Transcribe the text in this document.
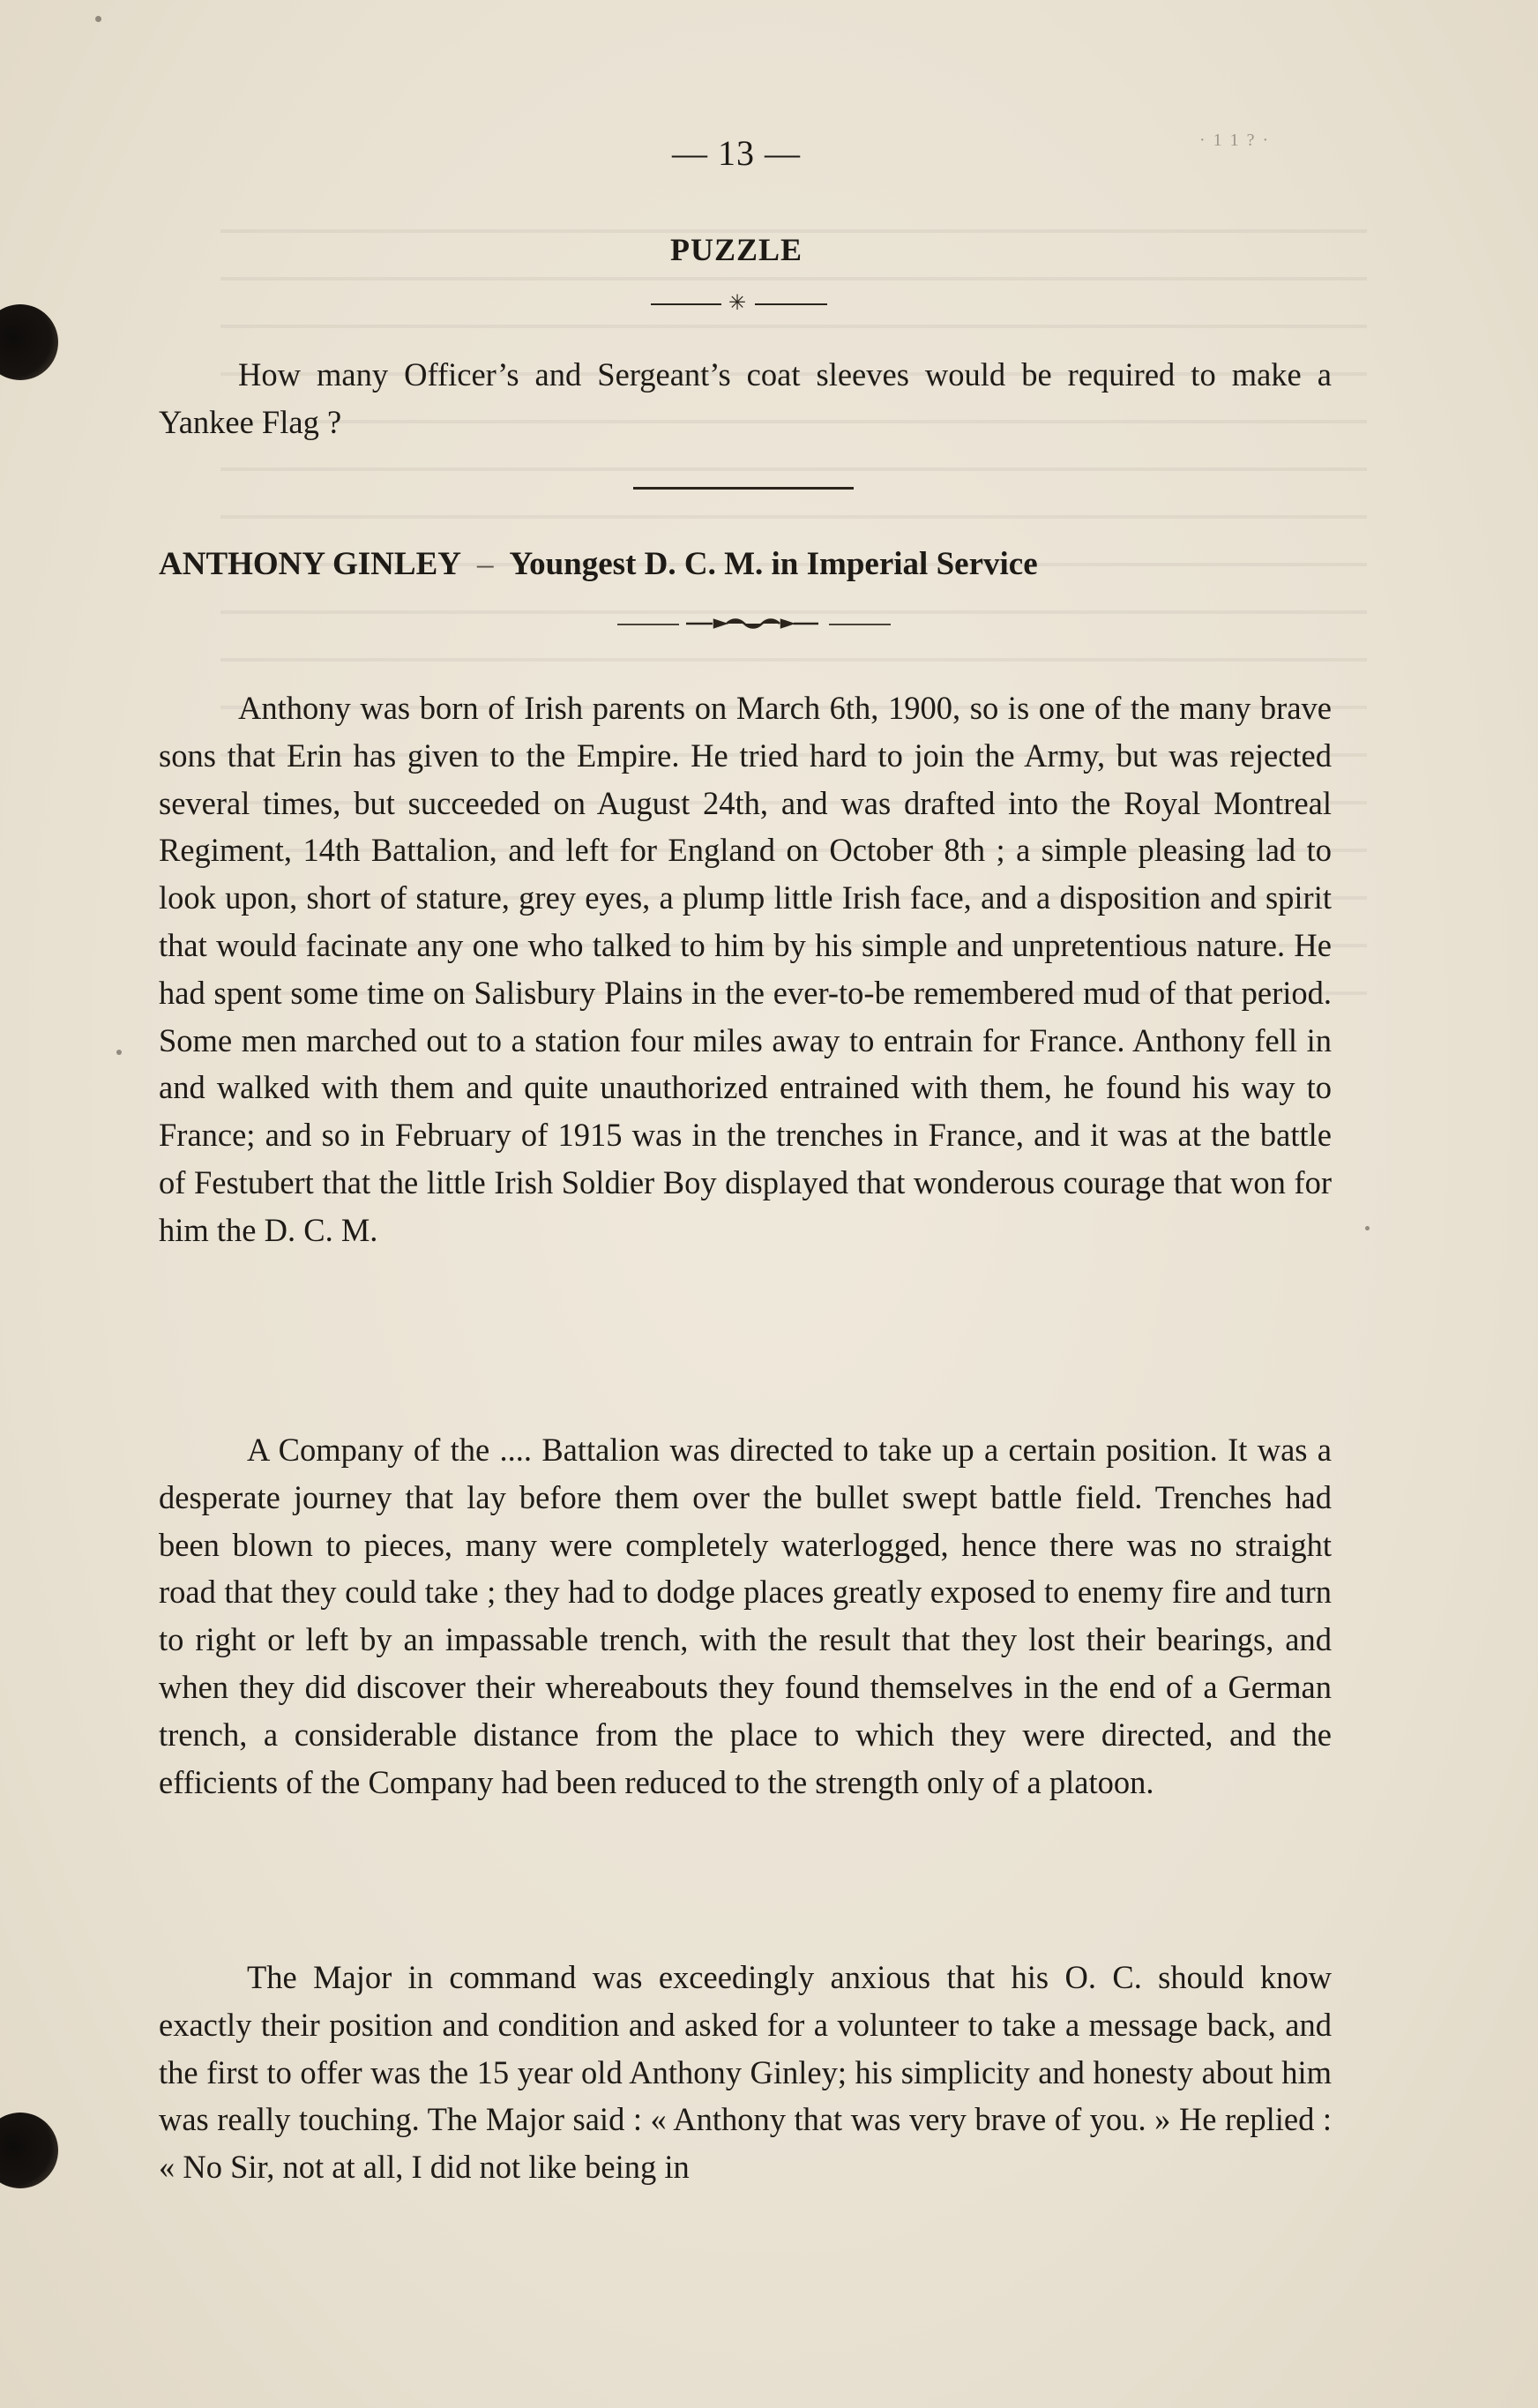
— 13 —	· 1 1 ? ·
PUZZLE
✳

How many Officer’s and Sergeant’s coat sleeves would be required to make a Yankee Flag ?

ANTHONY GINLEY – Youngest D. C. M. in Imperial Service

Anthony was born of Irish parents on March 6th, 1900, so is one of the many brave sons that Erin has given to the Empire. He tried hard to join the Army, but was rejected several times, but succeeded on August 24th, and was drafted into the Royal Montreal Regiment, 14th Battalion, and left for England on October 8th ; a simple pleasing lad to look upon, short of stature, grey eyes, a plump little Irish face, and a disposition and spirit that would facinate any one who talked to him by his simple and unpretentious nature. He had spent some time on Salisbury Plains in the ever-to-be remembered mud of that period. Some men marched out to a station four miles away to entrain for France. Anthony fell in and walked with them and quite unauthorized entrained with them, he found his way to France; and so in February of 1915 was in the trenches in France, and it was at the battle of Festubert that the little Irish Soldier Boy displayed that wonderous courage that won for him the D. C. M.

A Company of the .... Battalion was directed to take up a certain position. It was a desperate journey that lay before them over the bullet swept battle field. Trenches had been blown to pieces, many were completely waterlogged, hence there was no straight road that they could take ; they had to dodge places greatly exposed to enemy fire and turn to right or left by an impassable trench, with the result that they lost their bearings, and when they did discover their whereabouts they found themselves in the end of a German trench, a considerable distance from the place to which they were directed, and the efficients of the Company had been reduced to the strength only of a platoon.

The Major in command was exceedingly anxious that his O. C. should know exactly their position and condition and asked for a volunteer to take a message back, and the first to offer was the 15 year old Anthony Ginley; his simplicity and honesty about him was really touching. The Major said : « Anthony that was very brave of you. » He replied : « No Sir, not at all, I did not like being in
